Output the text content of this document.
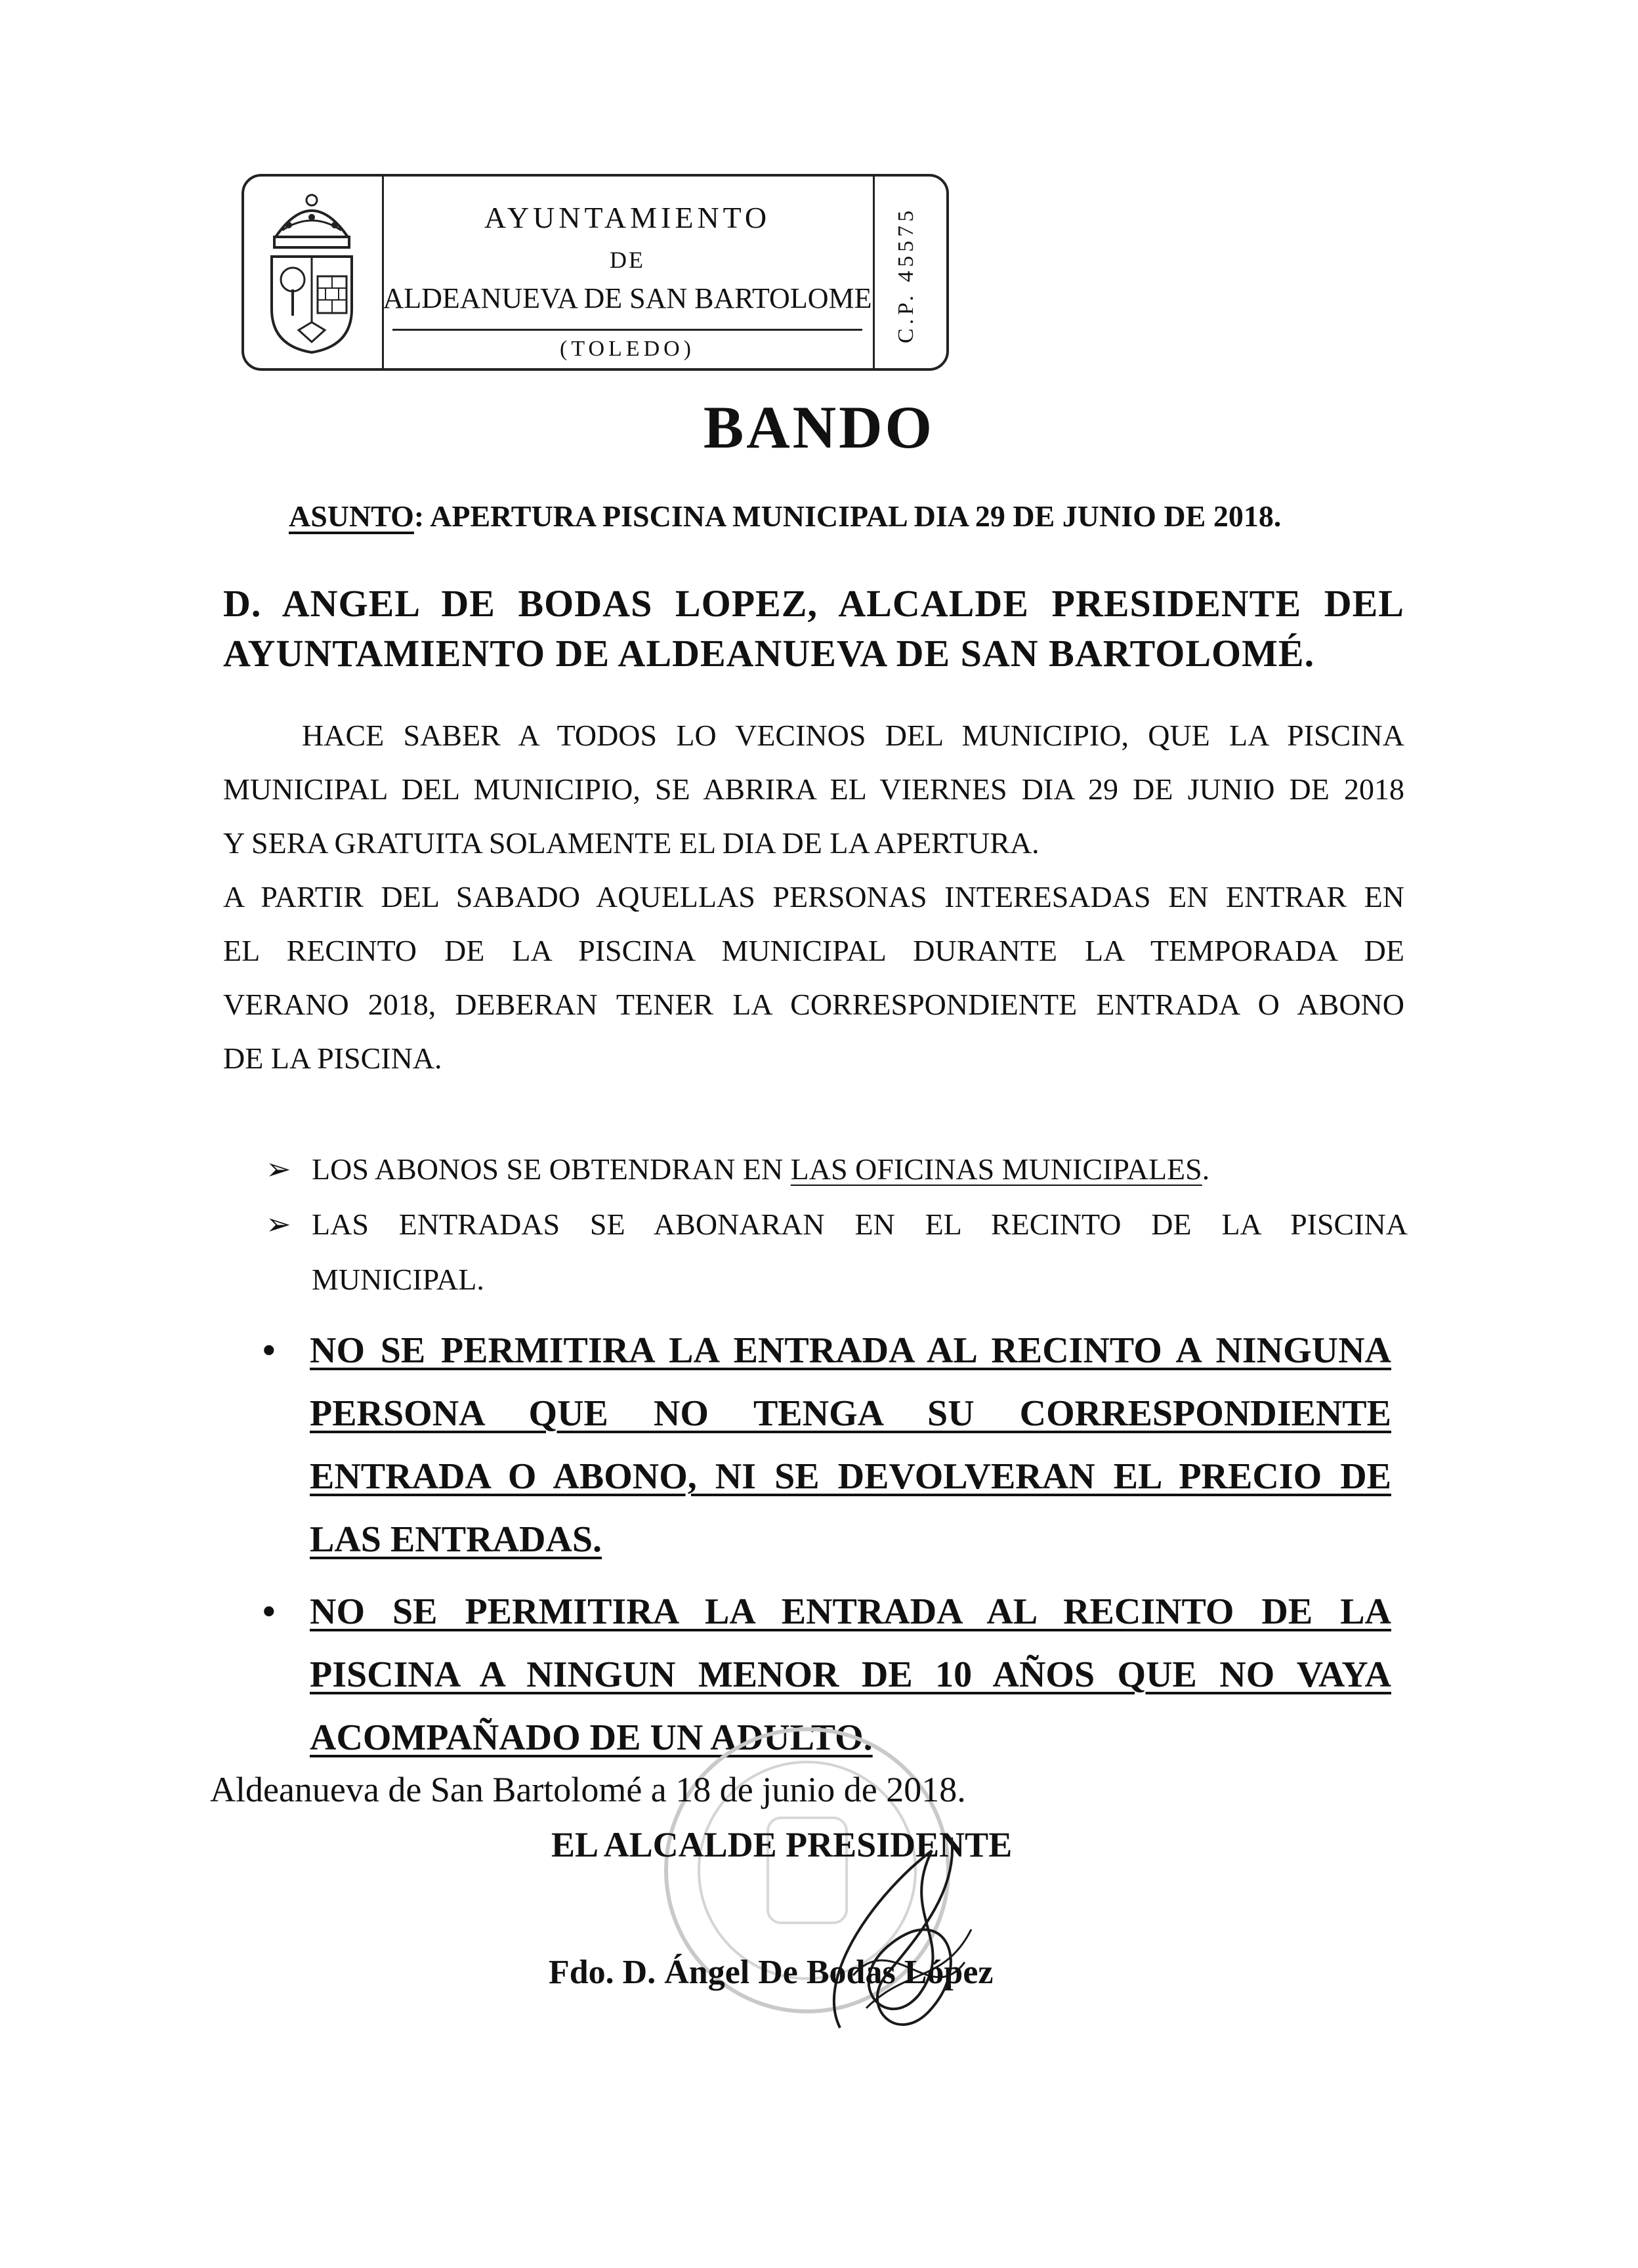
AYUNTAMIENTO
DE
ALDEANUEVA DE SAN BARTOLOME
(TOLEDO)
C.P. 45575
BANDO
ASUNTO: APERTURA PISCINA MUNICIPAL DIA 29 DE JUNIO DE 2018.
D. ANGEL DE BODAS LOPEZ, ALCALDE PRESIDENTE DEL
AYUNTAMIENTO DE ALDEANUEVA DE SAN BARTOLOMÉ.
HACE SABER A TODOS LO VECINOS DEL MUNICIPIO, QUE LA PISCINA
MUNICIPAL DEL MUNICIPIO, SE ABRIRA EL VIERNES DIA 29 DE JUNIO DE 2018
Y SERA GRATUITA SOLAMENTE EL DIA DE LA APERTURA.
A PARTIR DEL SABADO AQUELLAS PERSONAS INTERESADAS EN ENTRAR EN
EL RECINTO DE LA PISCINA MUNICIPAL DURANTE LA TEMPORADA DE
VERANO 2018, DEBERAN TENER LA CORRESPONDIENTE ENTRADA O ABONO
DE LA PISCINA.
➢ LOS ABONOS SE OBTENDRAN EN LAS OFICINAS MUNICIPALES.
➢ LAS ENTRADAS SE ABONARAN EN EL RECINTO DE LA PISCINA
MUNICIPAL.
• NO SE PERMITIRA LA ENTRADA AL RECINTO A NINGUNA
PERSONA QUE NO TENGA SU CORRESPONDIENTE
ENTRADA O ABONO, NI SE DEVOLVERAN EL PRECIO DE
LAS ENTRADAS.
• NO SE PERMITIRA LA ENTRADA AL RECINTO DE LA
PISCINA A NINGUN MENOR DE 10 AÑOS QUE NO VAYA
ACOMPAÑADO DE UN ADULTO.
Aldeanueva de San Bartolomé a 18 de junio de 2018.
EL ALCALDE PRESIDENTE
Fdo. D. Ángel De Bodas López
